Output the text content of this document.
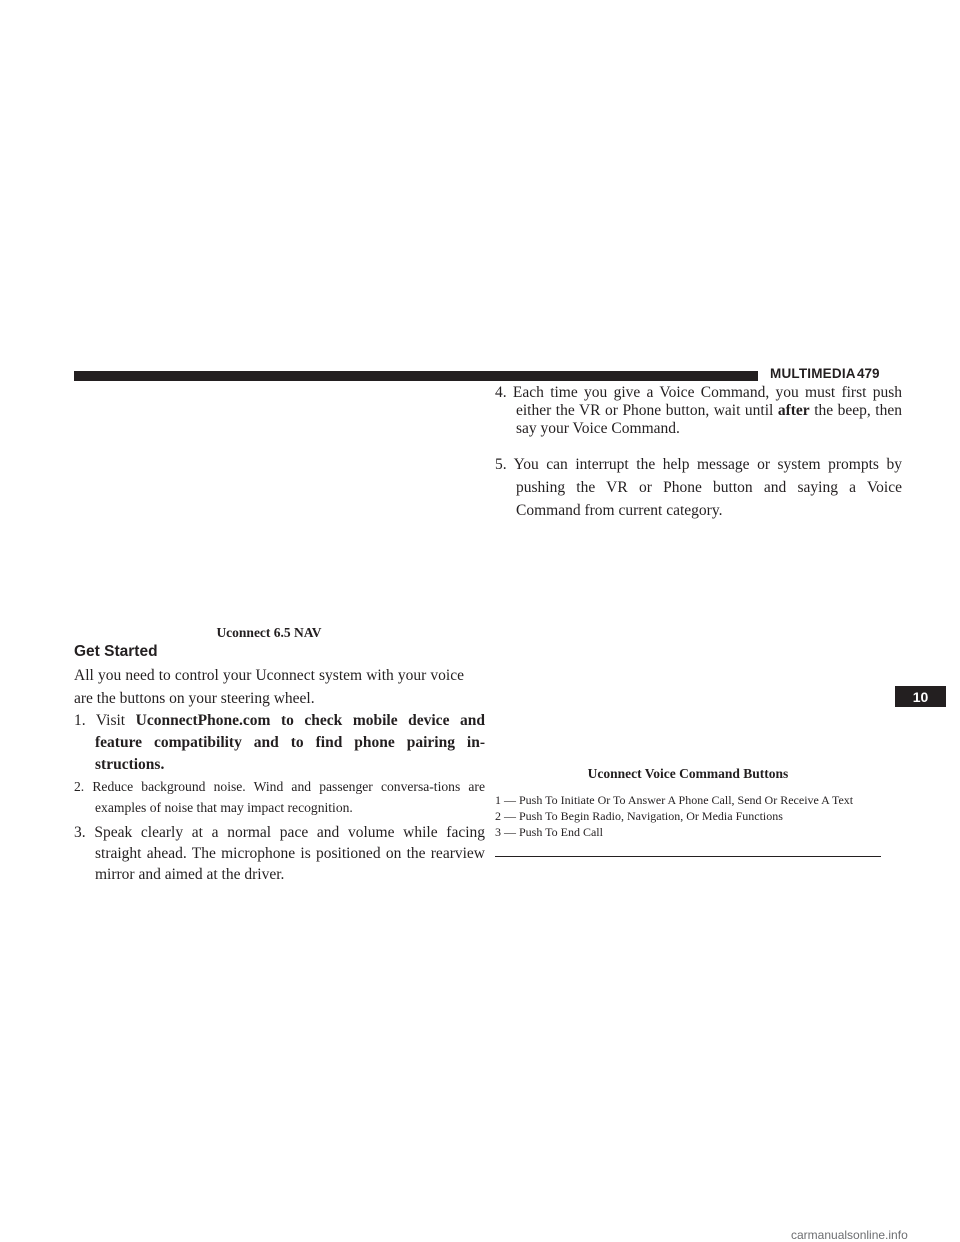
MULTIMEDIA 479
Uconnect 6.5 NAV
Get Started
All you need to control your Uconnect system with your voice are the buttons on your steering wheel.
1. Visit UconnectPhone.com to check mobile device and feature compatibility and to find phone pairing in-structions.
2. Reduce background noise. Wind and passenger conversa-tions are examples of noise that may impact recognition.
3. Speak clearly at a normal pace and volume while facing straight ahead. The microphone is positioned on the rearview mirror and aimed at the driver.
4. Each time you give a Voice Command, you must first push either the VR or Phone button, wait until after the beep, then say your Voice Command.
5. You can interrupt the help message or system prompts by pushing the VR or Phone button and saying a Voice Command from current category.
Uconnect Voice Command Buttons
1 — Push To Initiate Or To Answer A Phone Call, Send Or Receive A Text
2 — Push To Begin Radio, Navigation, Or Media Functions
3 — Push To End Call
10
carmanualsonline.info
